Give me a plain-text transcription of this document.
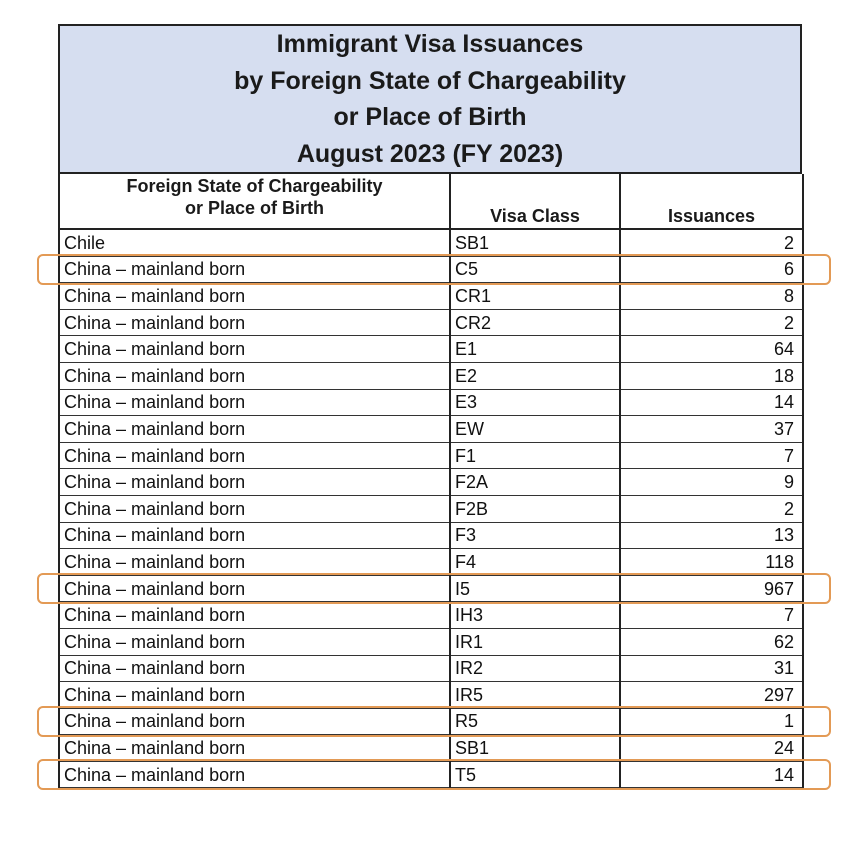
Immigrant Visa Issuances
by Foreign State of Chargeability
or Place of Birth
August 2023 (FY 2023)
Foreign State of Chargeability
or Place of Birth	Visa Class	Issuances
Chile	SB1	2
China – mainland born	C5	6
China – mainland born	CR1	8
China – mainland born	CR2	2
China – mainland born	E1	64
China – mainland born	E2	18
China – mainland born	E3	14
China – mainland born	EW	37
China – mainland born	F1	7
China – mainland born	F2A	9
China – mainland born	F2B	2
China – mainland born	F3	13
China – mainland born	F4	118
China – mainland born	I5	967
China – mainland born	IH3	7
China – mainland born	IR1	62
China – mainland born	IR2	31
China – mainland born	IR5	297
China – mainland born	R5	1
China – mainland born	SB1	24
China – mainland born	T5	14
